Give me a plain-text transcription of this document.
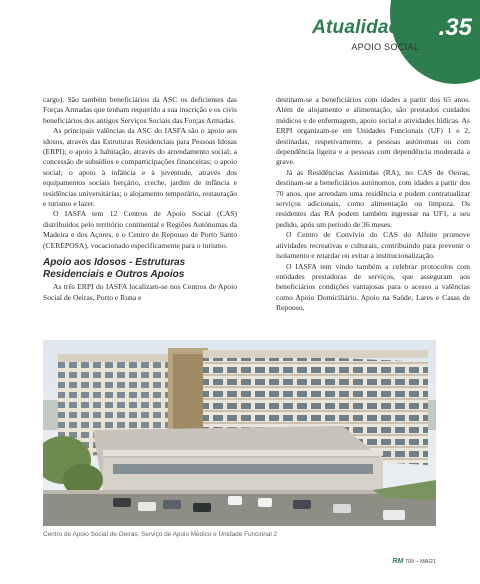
.35
Atualidades
APOIO SOCIAL

cargo). São também beneficiários da ASC os deficientes das Forças Armadas que tenham requerido a sua inscrição e os civis beneficiários dos antigos Serviços Sociais das Forças Armadas.

As principais valências da ASC do IASFA são o apoio aos idosos, através das Estruturas Residenciais para Pessoas Idosas (ERPI); o apoio à habitação, através do arrendamento social; a concessão de subsídios e comparticipações financeiras; o apoio social; o apoio à infância e à juventude, através dos equipamentos sociais berçário, creche, jardim de infância e residências universitárias; o alojamento temporário, restauração e turismo e lazer.

O IASFA tem 12 Centros de Apoio Social (CAS) distribuídos pelo território continental e Regiões Autónomas da Madeira e dos Açores, e o Centro de Repouso de Porto Santo (CEREPOSA), vocacionado especificamente para o turismo.

Apoio aos Idosos - Estruturas Residenciais e Outros Apoios

As três ERPI do IASFA localizam-se nos Centros de Apoio Social de Oeiras, Porto e Runa e

destinam-se a beneficiários com idades a partir dos 65 anos. Além de alojamento e alimentação, são prestados cuidados médicos e de enfermagem, apoio social e atividades lúdicas. As ERPI organizam-se em Unidades Funcionais (UF) 1 e 2, destinadas, respetivamente, a pessoas autónomas ou com dependência ligeira e a pessoas com dependência moderada a grave.

Já as Residências Assistidas (RA), no CAS de Oeiras, destinam-se a beneficiários autónomos, com idades a partir dos 70 anos, que arrendam uma residência e podem contratualizar serviços adicionais, como alimentação ou limpeza. Os residentes das RA podem também ingressar na UF1, a seu pedido, após um período de 36 meses.

O Centro de Convívio do CAS do Alfeite promove atividades recreativas e culturais, contribuindo para prevenir o isolamento e retardar ou evitar a institucionalização.

O IASFA tem vindo também a celebrar protocolos com entidades prestadoras de serviços, que asseguram aos beneficiários condições vantajosas para o acesso a valências como Apoio Domiciliário, Apoio na Saúde, Lares e Casas de Repouso,

Centro de Apoio Social de Oeiras, Serviço de Apoio Médico e Unidade Funcional 2
RM 709 – MAI21
